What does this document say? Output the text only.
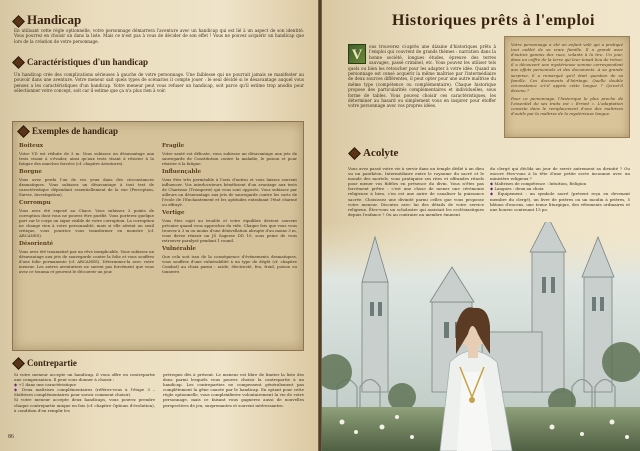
Handicap

En utilisant cette règle optionnelle, votre personnage démarrera l'aventure avec un handicap qui est lié à un aspect de son identité. Vous pourrez en choisir un dans la liste. Mais ce n'est pas à vous de décider de son effet ! Vous ne pouvez acquérir un handicap que lors de la création de votre personnage.

Caractéristiques d'un handicap

Un handicap crée des complications sérieuses à gauche de votre personnage. Une faiblesse qui ne pourrait jamais se manifester au pouvoir dans une aventure. Votre meneur sait quels types de scénarios il compte jouer : le seul décidé si le désavantage auquel vous pensez a les caractéristiques d'un handicap. Votre meneur peut vous refuser un handicap, soit parce qu'il estime trop anodin pour sélectionner votre concept, soit car il estime que ça n'a plus rien à voir.

Exemples de handicap
Boiteux

Votre VD est réduite de 3 m. Vous subissez un désavantage aux tests visant à s'évader, ainsi qu'aux tests visant à résister à la fatigue des marches forcées (cf. chapitre Aventures).

Borgne

Vous avez perdu l'un de vos yeux dans des circonstances dramatiques. Vous subissez un désavantage à tout test de caractéristique dépendant essentiellement de la vue (Perception, Survie, Investigation).

Corrompu

Vous avez été exposé au Chaos. Vous subissez 3 points de corruption dont vous ne pouvez être purifié. Vous porterez quelque part sur le corps un signe visible de votre corruption. La corruption ne change rien à votre personnalité, mais si elle atteint un seuil critique, vous pourriez vous transformer en monstre (cf. ARCANES).

Désorienté

Vous avez été traumatisé par un rêve inexplicable. Vous subissez un désavantage aux jets de sauvegarde contre la folie et vous souffrez d'une folie permanente (cf. ARCANES). Déterminez-la avec votre meneur. Les autres aventuriers ne savent pas forcément que vous avez ce trauma et peuvent le découvrir un jour.

Fragile

Votre santé est délicate, vous subissez un désavantage aux jets de sauvegarde de Constitution contre la maladie, le poison et pour résister à la fatigue.

Influençable

Vous êtes très perméable à l'avis d'autrui et vous laissez souvent influencer. Vos interlocuteurs bénéficient d'un avantage aux tests de Charisme (Tromperie) qui vous sont opposés. Vous subissez par ailleurs un désavantage aux jets de sauvegarde contre les sorts de l'école de l'Enchantement et les aptitudes entraînant l'état charmé ou effrayé.

Vertige

Vous êtes sujet au trouble et votre équilibre devient souvent précaire quand vous approchez du vide. Chaque fois que vous vous trouvez à 3 m ou moins d'une dénivellation abrupte d'au moins 3 m, vous devez réussir un JS Sagesse DD 10, sous peine de vous retrouver paralysé pendant 1 round.

Vulnérable

Que cela soit issu de la conséquence d'événements dramatiques, vous souffrez d'une vulnérabilité à un type de dégât (cf. chapitre Combat) au choix parmi : acide, électricité, feu, froid, poison ou tonnerre.

Contrepartie

Si votre meneur accepte un handicap, il vous offre en contrepartie une compensation. Il peut vous donner à choisir :

◆ +1 dans une caractéristique

◆ Deux maîtrises complémentaires (référez-vous à l'étape 3 – Maîtrises complémentaires pour savoir comment choisir).

Si votre meneur accepte deux handicaps, vous pouvez prendre chaque contrepartie unique en fois (cf. chapitre Options d'évolution), à condition d'en remplir les

prérequis dès à présent. Le meneur est libre de limiter la liste des dons parmi lesquels vous pouvez choisir la contrepartie à un handicap. Les contreparties ne compensent généralement pas complètement la gêne causée par le handicap. En optant pour cette règle optionnelle, vous complexifierez volontairement la vie de votre personnage, mais ce faisant vous gagnerez aussi de nouvelles perspectives de jeu, surprenantes et souvent intéressantes.

86
Historiques prêts à l'emploi
V

ous trouverez ci-après une dizaine d'historiques prêts à l'emploi qui couvrent de grands thèmes : narration dans la bonne société, longues études, épreuve des terres sauvages, passé criminel, etc. Vous pouvez les utiliser tels quels ou bien les retoucher pour les adapter à votre idée. Quand un personnage est censé acquérir la même maîtrise par l'intermédiaire de deux sources différentes, il peut opter pour une autre maîtrise du même type (compétence ou complémentaire). Chaque historique propose des particularités complémentaires et individuelles, sous forme de tables. Vous pouvez choisir ces caractéristiques, les déterminer au hasard ou simplement vous en inspirer pour étoffer votre personnage avec vos propres idées.

Votre personnage a été un enfant volé qui a pratiqué tout oublié de sa vraie famille. Il a grandi avec d'autres gamins des rues, volants à la tire. Un jour, dans un coffre de la terre qui leur tenait lieu de trésor, il a découvert une mystérieuse somme correspondant aux effets personnels et des documents. A sa grande surprise, il a remarqué qu'il était question de sa famille. Ces documents d'héritage. Quelle double circonstance a-t-il appris cette langue ? Qu'est-il devenu ?

Pour ce personnage, l'historique le plus proche de l'essentiel de ses traits est « Errant ». L'adaptation consiste dans le remplacement d'une des maîtrises d'outils par la maîtrise de la mystérieuse langue.

Acolyte

Vous avez passé votre vie à servir dans un temple dédié à un dieu ou un panthéon. Intermédiaire entre le royaume du sacré et le monde des mortels, vous pratiquiez ses rites et offrandes rituels pour mener vos fidèles en présence du divin. Vous n'êtes pas forcément prêtre : c'est une chose de mener une cérémonie religieuse à bien, c'en est une autre de canaliser la puissance sacrée. Choisissez une divinité parmi celles que vous proposez votre meneur. Discutez avec lui des détails de votre service religieux. Êtes-vous un scholastre qui assistait les ecclésiastiques depuis l'enfance ? Ou au contraire un membre éminent

du clergé qui déclda un jour de servir autrement sa divinité ? Ou encore êtes-vous à la tête d'une petite secte inconnue avec un ministère religieux ?

◆ Maîtrises de compétence : Intuition, Religion

◆ Langues : deux au choix

◆ Équipement : un symbole sacré (présent reçu en devenant membre du clergé), un livre de prières ou un moulin à prières, 5 bâtons d'encens, une tenue liturgique, des vêtements ordinaires et une bourse contenant 15 po.
